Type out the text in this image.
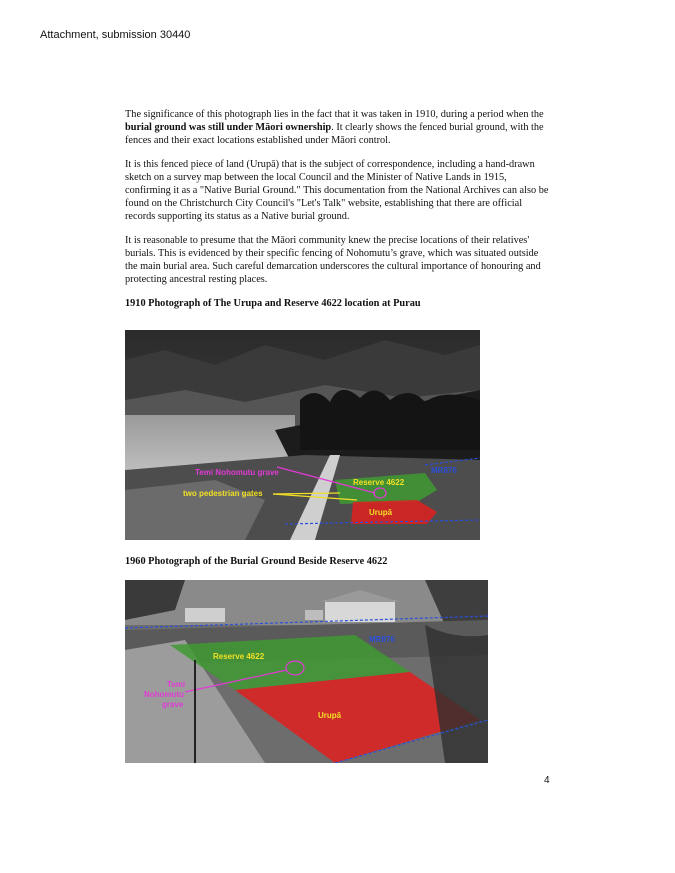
Attachment, submission 30440

The significance of this photograph lies in the fact that it was taken in 1910, during a period when the burial ground was still under Māori ownership. It clearly shows the fenced burial ground, with the fences and their exact locations established under Māori control.

It is this fenced piece of land (Urupā) that is the subject of correspondence, including a hand-drawn sketch on a survey map between the local Council and the Minister of Native Lands in 1915, confirming it as a "Native Burial Ground." This documentation from the National Archives can also be found on the Christchurch City Council's "Let's Talk" website, establishing that there are official records supporting its status as a Native burial ground.

It is reasonable to presume that the Māori community knew the precise locations of their relatives' burials. This is evidenced by their specific fencing of Nohomutu’s grave, which was situated outside the main burial area. Such careful demarcation underscores the cultural importance of honouring and protecting ancestral resting places.

1910 Photograph of The Urupa and Reserve 4622 location at Purau
Temi Nohomutu grave
two pedestrian gates
Reserve 4622
Urupā
MR876
1960 Photograph of the Burial Ground Beside Reserve 4622
Reserve 4622
Urupā
MR876
Temi
Nohomutu
grave
4
